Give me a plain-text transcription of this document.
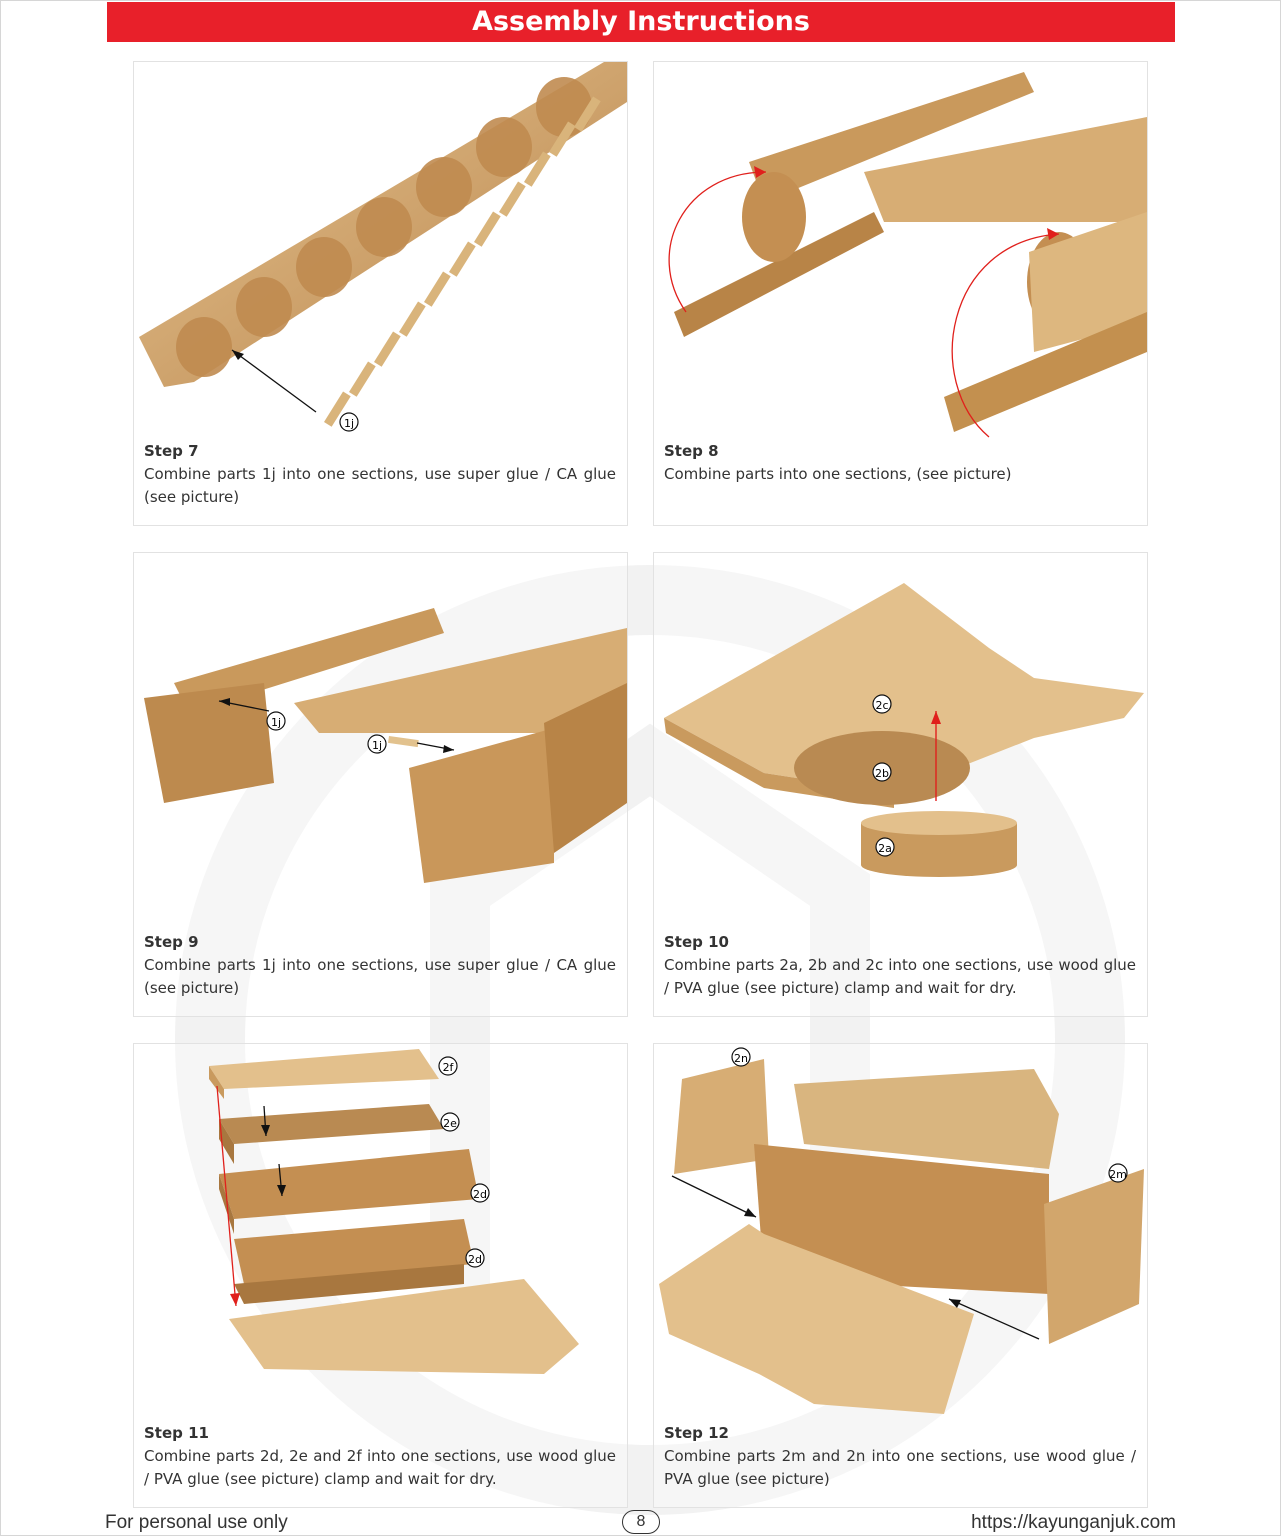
Assembly Instructions
1j
Step 7
Combine parts 1j into one sections, use super glue / CA glue (see picture)
Step 8
Combine parts into one sections, (see picture)
1j
1j
Step 9
Combine parts 1j into one sections, use super glue / CA glue (see picture)
2c
2b
2a
Step 10
Combine parts 2a, 2b and 2c into one sections, use wood glue / PVA glue (see picture) clamp and wait for dry.
2f
2e
2d
2d
Step 11
Combine parts 2d, 2e and 2f into one sections, use wood glue / PVA glue (see picture) clamp and wait for dry.
2n
2m
Step 12
Combine parts 2m and 2n into one sections, use wood glue / PVA glue (see picture)
For personal use only	8	https://kayunganjuk.com
